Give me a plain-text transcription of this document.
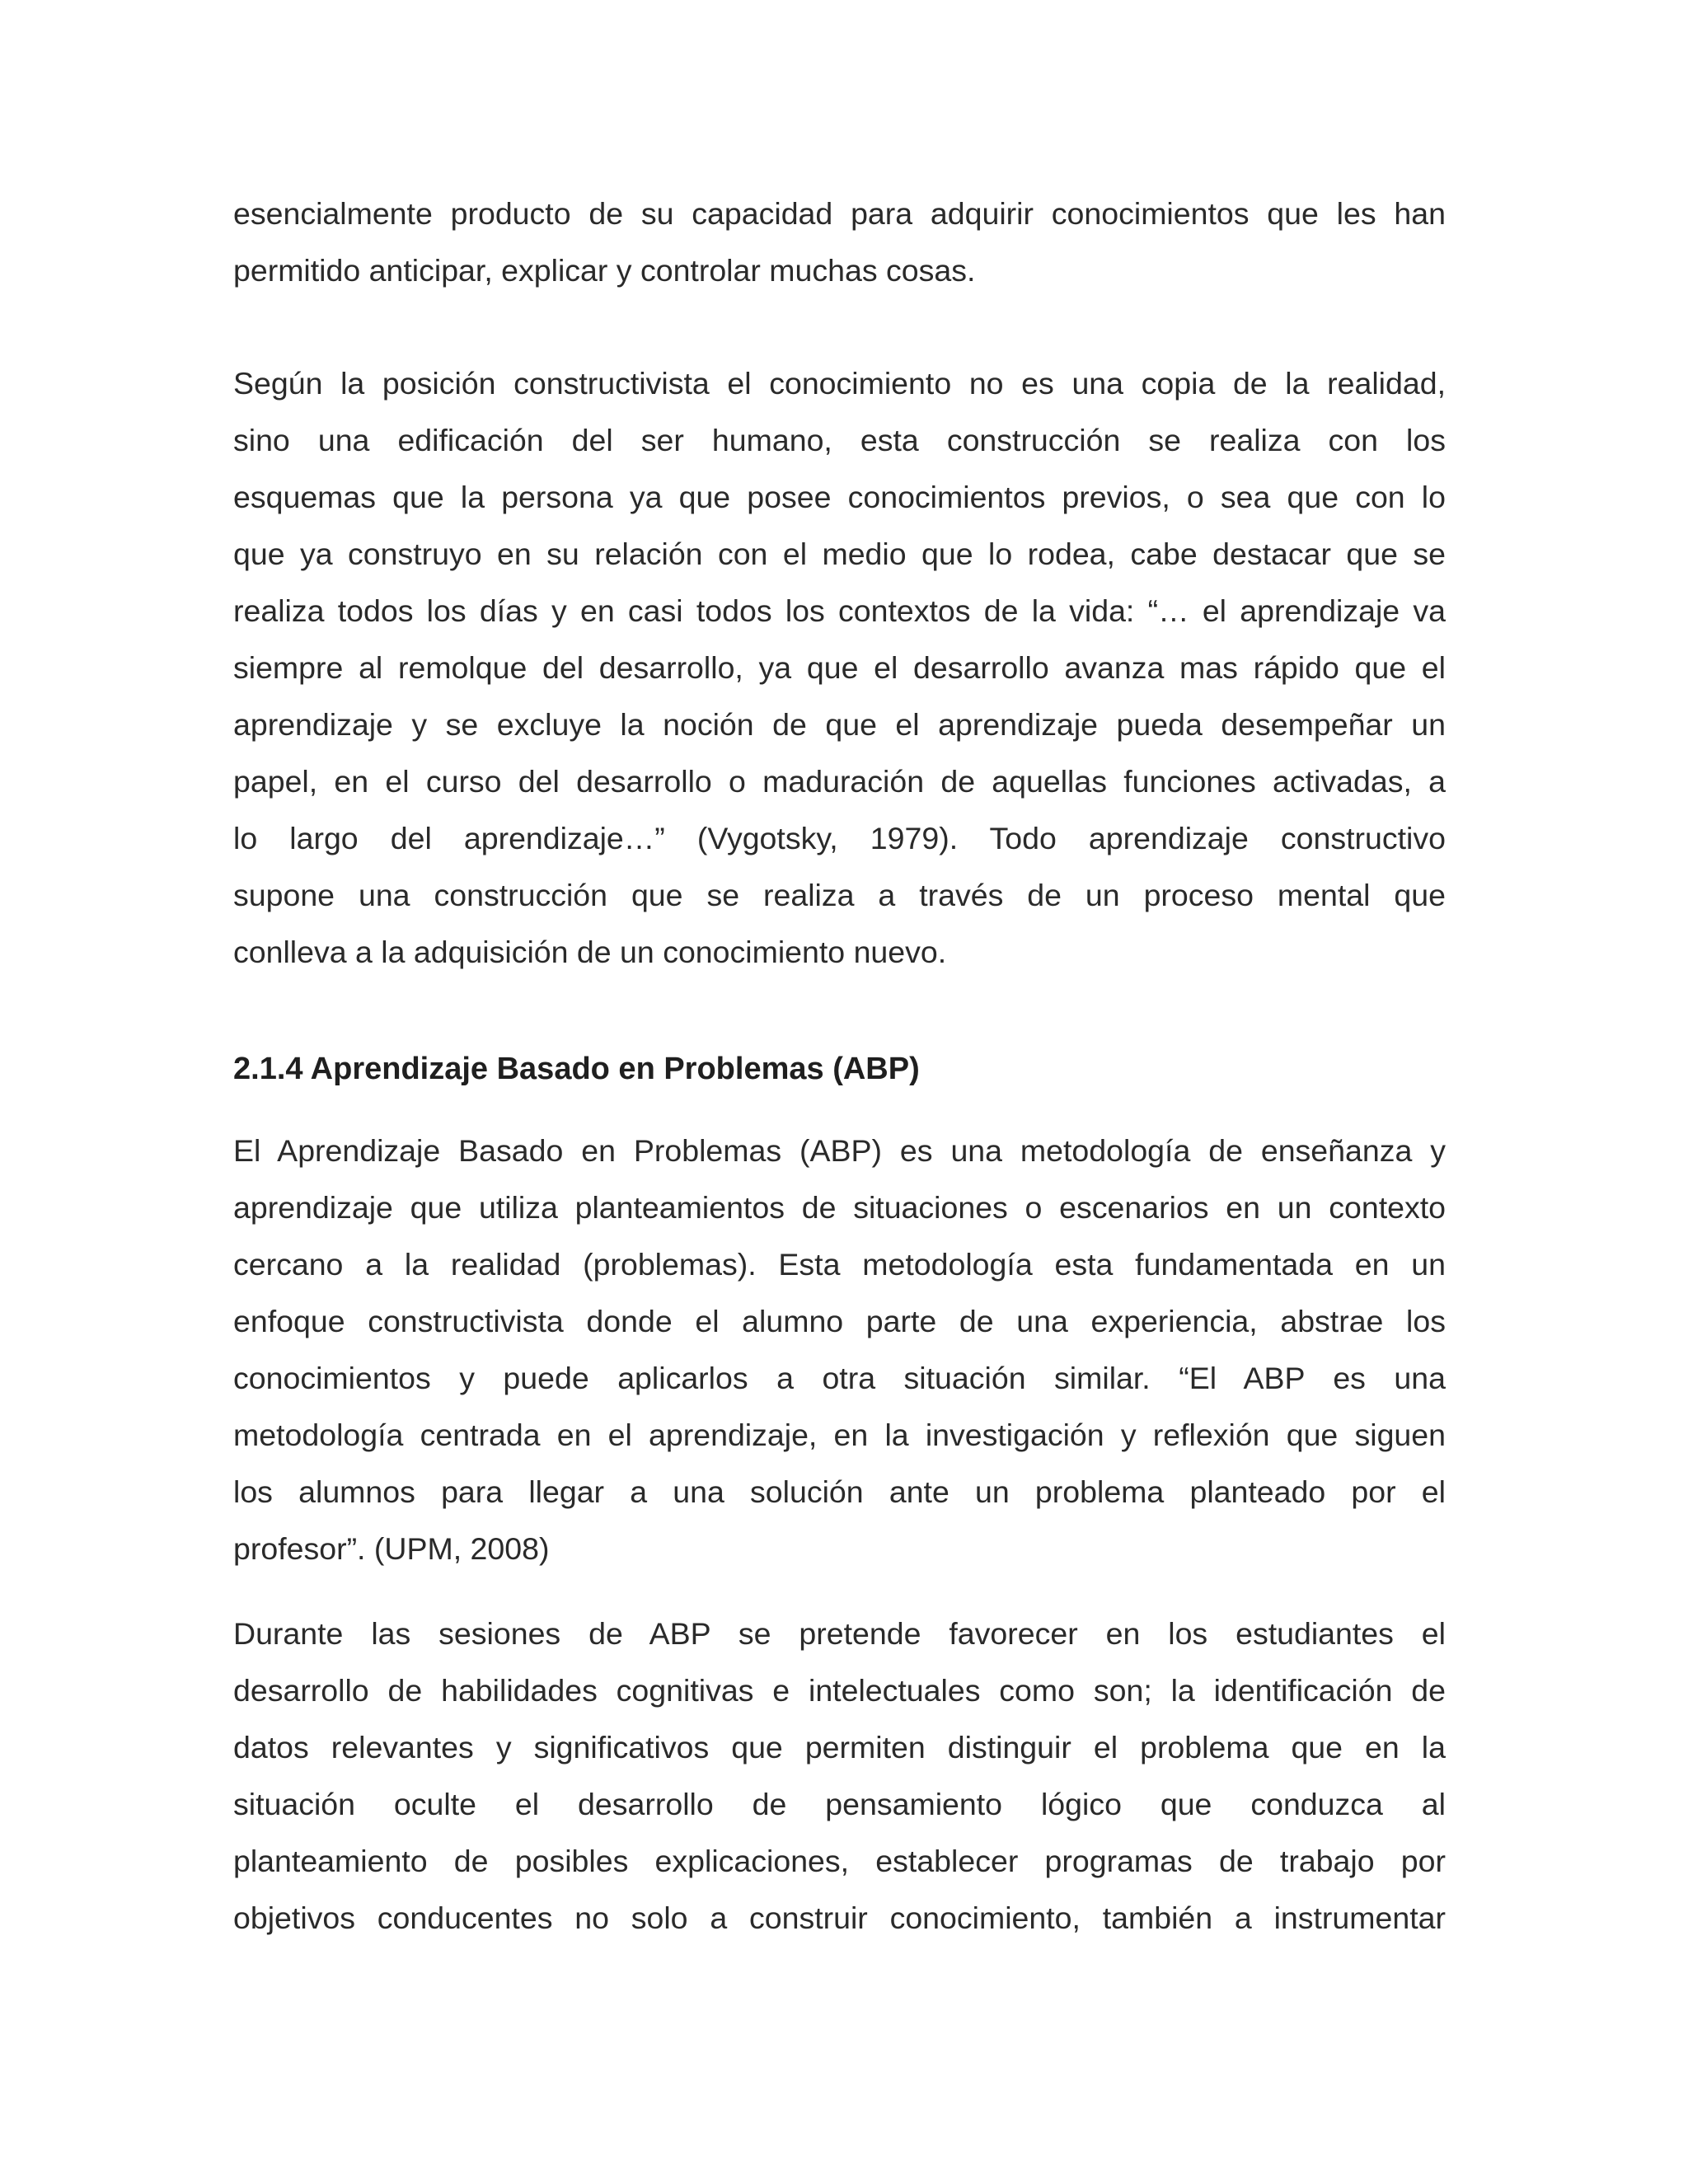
esencialmente producto de su capacidad para adquirir conocimientos que les han
permitido anticipar, explicar y controlar muchas cosas.
Según la posición constructivista el conocimiento no es una copia de la realidad,
sino una edificación del ser humano, esta construcción se realiza con los
esquemas que la persona ya que posee conocimientos previos, o sea que con lo
que ya construyo en su relación con el medio que lo rodea, cabe destacar que se
realiza todos los días y en casi todos los contextos de la vida: “… el aprendizaje va
siempre al remolque del desarrollo, ya que el desarrollo avanza mas rápido que el
aprendizaje y se excluye la noción de que el aprendizaje pueda desempeñar un
papel, en el curso del desarrollo o maduración de aquellas funciones activadas, a
lo largo del aprendizaje…” (Vygotsky, 1979). Todo aprendizaje constructivo
supone una construcción que se realiza a través de un proceso mental que
conlleva a la adquisición de un conocimiento nuevo.
2.1.4 Aprendizaje Basado en Problemas (ABP)
El Aprendizaje Basado en Problemas (ABP) es una metodología de enseñanza y
aprendizaje que utiliza planteamientos de situaciones o escenarios en un contexto
cercano a la realidad (problemas). Esta metodología esta fundamentada en un
enfoque constructivista donde el alumno parte de una experiencia, abstrae los
conocimientos y puede aplicarlos a otra situación similar. “El ABP es una
metodología centrada en el aprendizaje, en la investigación y reflexión que siguen
los alumnos para llegar a una solución ante un problema planteado por el
profesor”. (UPM, 2008)
Durante las sesiones de ABP se pretende favorecer en los estudiantes el
desarrollo de habilidades cognitivas e intelectuales como son; la identificación de
datos relevantes y significativos que permiten distinguir el problema que en la
situación oculte el desarrollo de pensamiento lógico que conduzca al
planteamiento de posibles explicaciones, establecer programas de trabajo por
objetivos conducentes no solo a construir conocimiento, también a instrumentar
